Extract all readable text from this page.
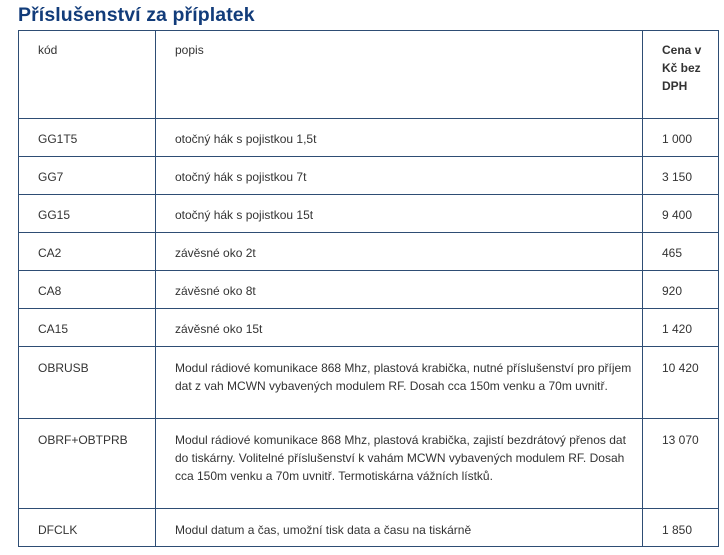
Příslušenství za příplatek
kód	popis	Cena v Kč bez DPH
GG1T5	otočný hák s pojistkou 1,5t	1 000
GG7	otočný hák s pojistkou 7t	3 150
GG15	otočný hák s pojistkou 15t	9 400
CA2	závěsné oko 2t	465
CA8	závěsné oko 8t	920
CA15	závěsné oko 15t	1 420
OBRUSB	Modul rádiové komunikace 868 Mhz, plastová krabička, nutné příslušenství pro příjem dat z vah MCWN vybavených modulem RF. Dosah cca 150m venku a 70m uvnitř.	10 420
OBRF+OBTPRB	Modul rádiové komunikace 868 Mhz, plastová krabička, zajistí bezdrátový přenos dat do tiskárny. Volitelné příslušenství k vahám MCWN vybavených modulem RF. Dosah cca 150m venku a 70m uvnitř. Termotiskárna vážních lístků.	13 070
DFCLK	Modul datum a čas, umožní tisk data a času na tiskárně	1 850
